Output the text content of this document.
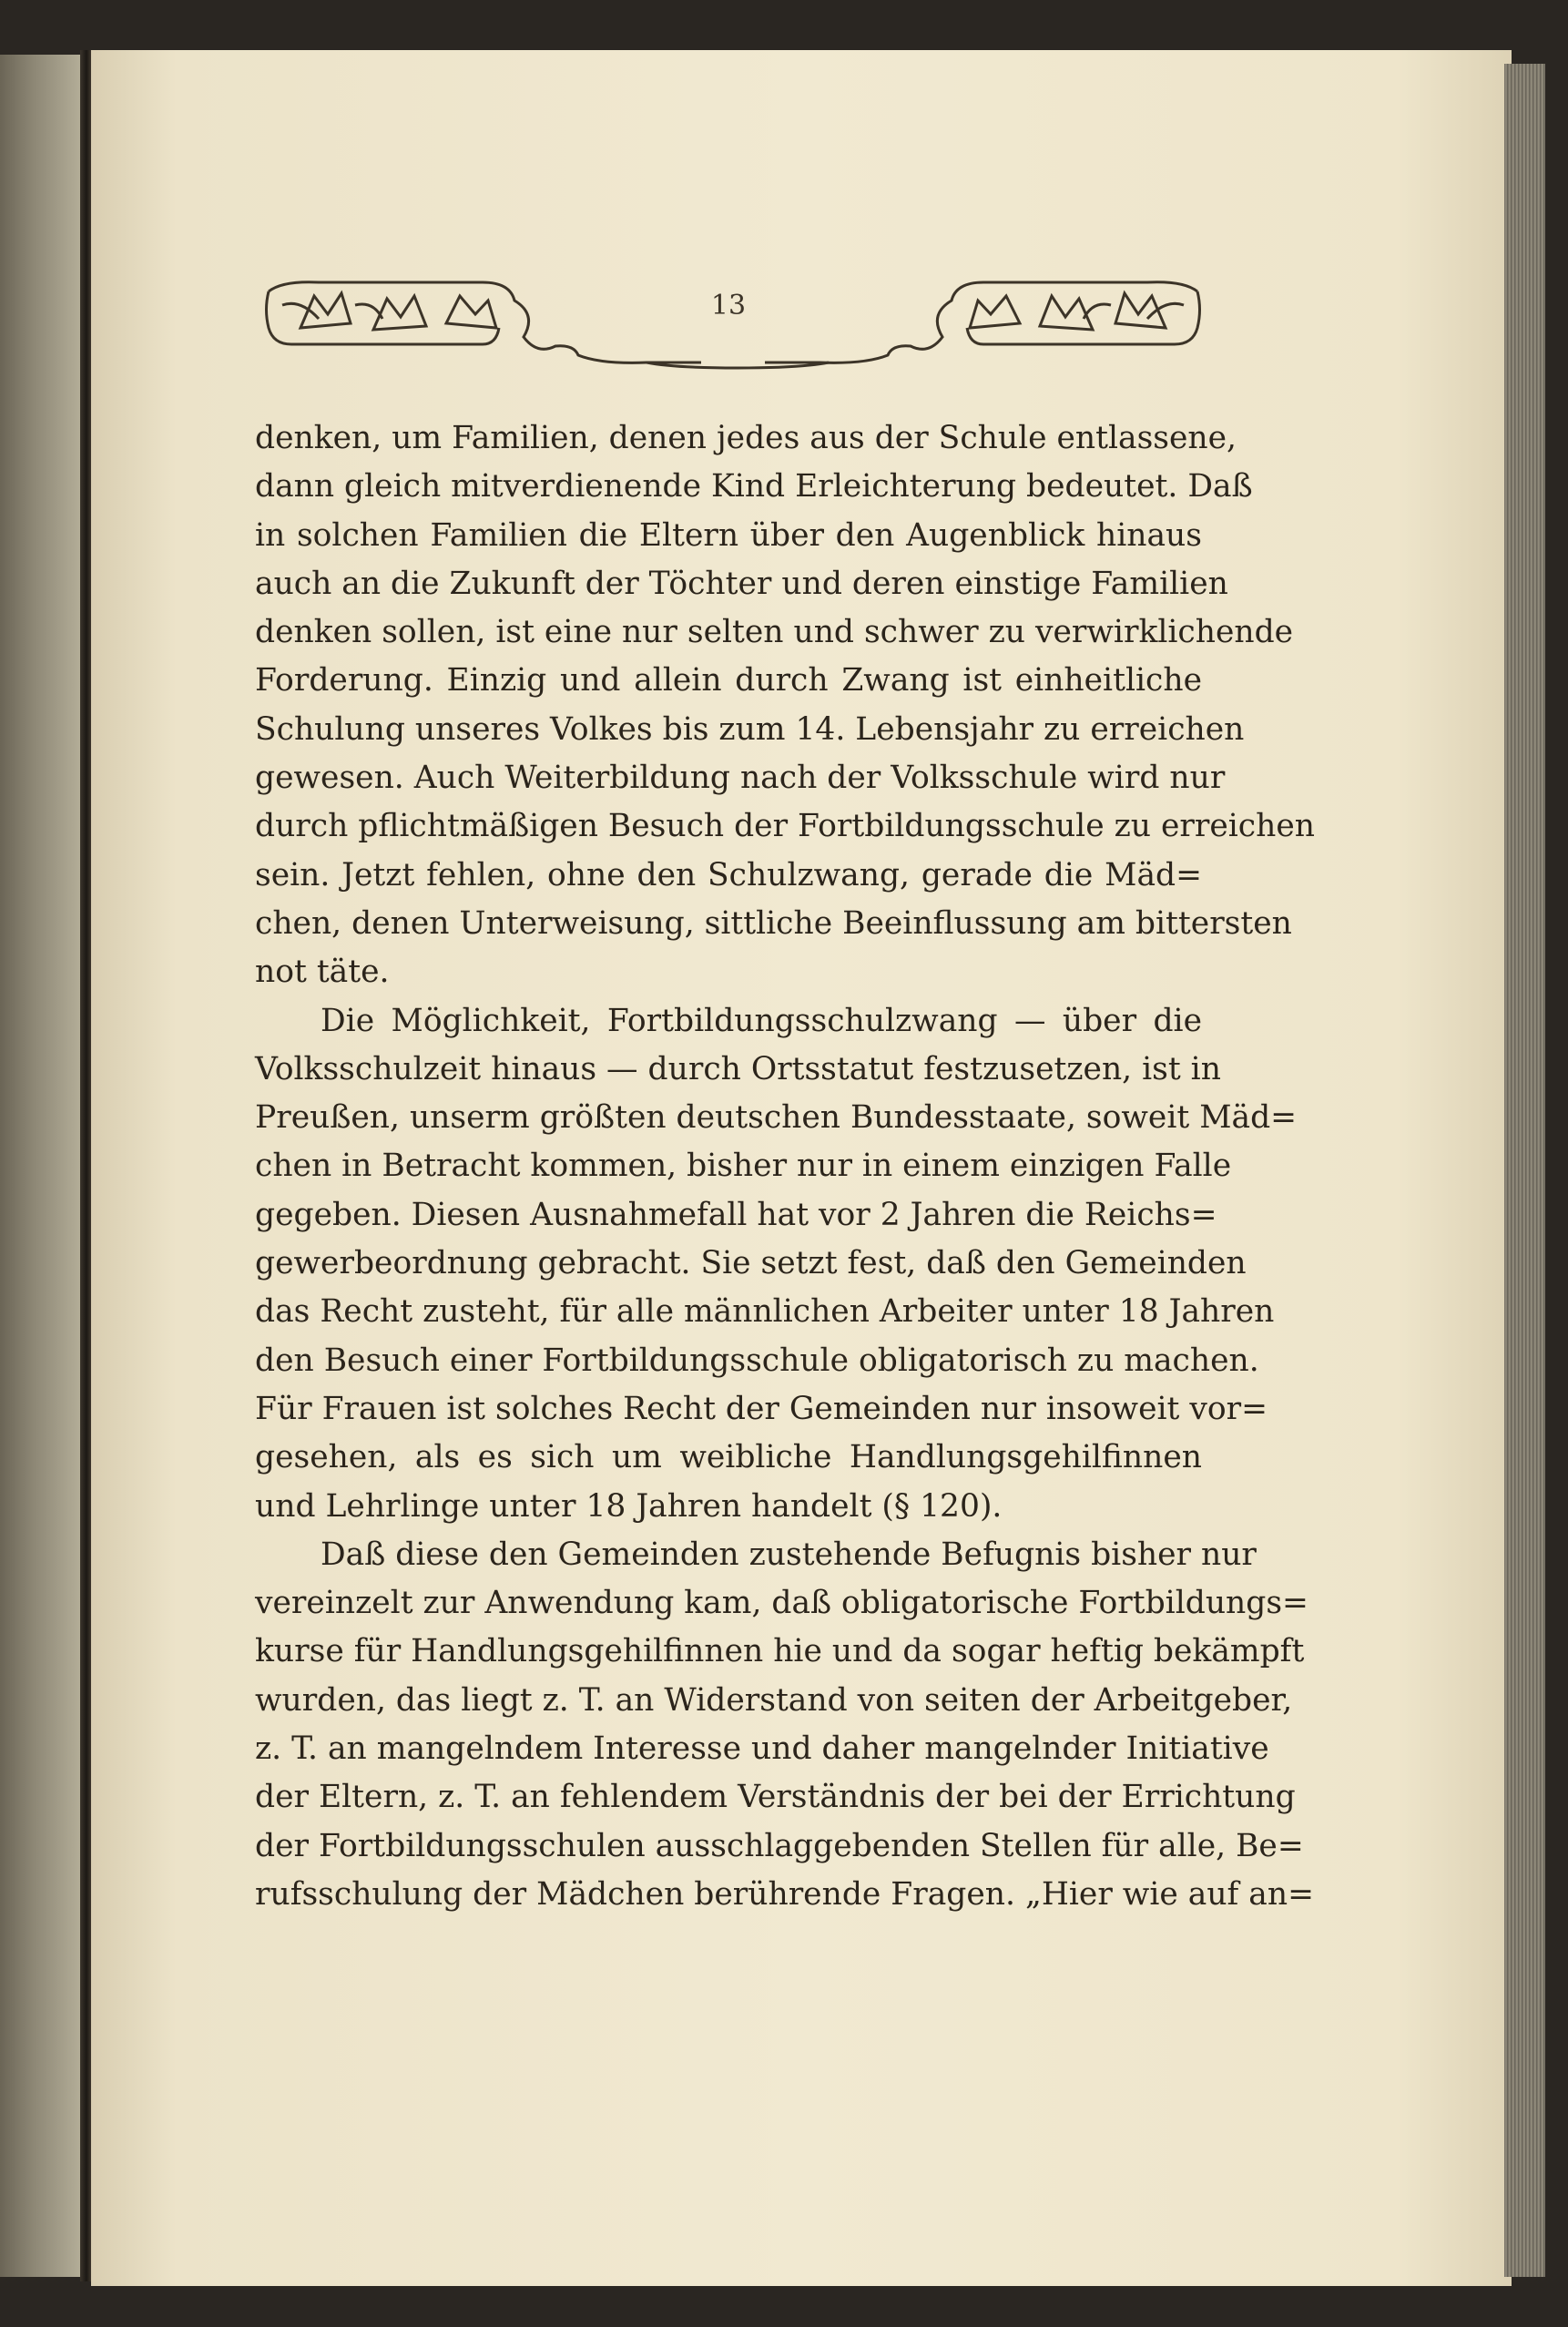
13
denken, um Familien, denen jedes aus der Schule entlassene,
dann gleich mitverdienende Kind Erleichterung bedeutet. Daß
in solchen Familien die Eltern über den Augenblick hinaus
auch an die Zukunft der Töchter und deren einstige Familien
denken sollen, ist eine nur selten und schwer zu verwirklichende
Forderung. Einzig und allein durch Zwang ist einheitliche
Schulung unseres Volkes bis zum 14. Lebensjahr zu erreichen
gewesen. Auch Weiterbildung nach der Volksschule wird nur
durch pflichtmäßigen Besuch der Fortbildungsschule zu erreichen
sein. Jetzt fehlen, ohne den Schulzwang, gerade die Mäd=
chen, denen Unterweisung, sittliche Beeinflussung am bittersten
not täte.
Die Möglichkeit, Fortbildungsschulzwang — über die
Volksschulzeit hinaus — durch Ortsstatut festzusetzen, ist in
Preußen, unserm größten deutschen Bundesstaate, soweit Mäd=
chen in Betracht kommen, bisher nur in einem einzigen Falle
gegeben. Diesen Ausnahmefall hat vor 2 Jahren die Reichs=
gewerbeordnung gebracht. Sie setzt fest, daß den Gemeinden
das Recht zusteht, für alle männlichen Arbeiter unter 18 Jahren
den Besuch einer Fortbildungsschule obligatorisch zu machen.
Für Frauen ist solches Recht der Gemeinden nur insoweit vor=
gesehen, als es sich um weibliche Handlungsgehilfinnen
und Lehrlinge unter 18 Jahren handelt (§ 120).
Daß diese den Gemeinden zustehende Befugnis bisher nur
vereinzelt zur Anwendung kam, daß obligatorische Fortbildungs=
kurse für Handlungsgehilfinnen hie und da sogar heftig bekämpft
wurden, das liegt z. T. an Widerstand von seiten der Arbeitgeber,
z. T. an mangelndem Interesse und daher mangelnder Initiative
der Eltern, z. T. an fehlendem Verständnis der bei der Errichtung
der Fortbildungsschulen ausschlaggebenden Stellen für alle, Be=
rufsschulung der Mädchen berührende Fragen. „Hier wie auf an=
